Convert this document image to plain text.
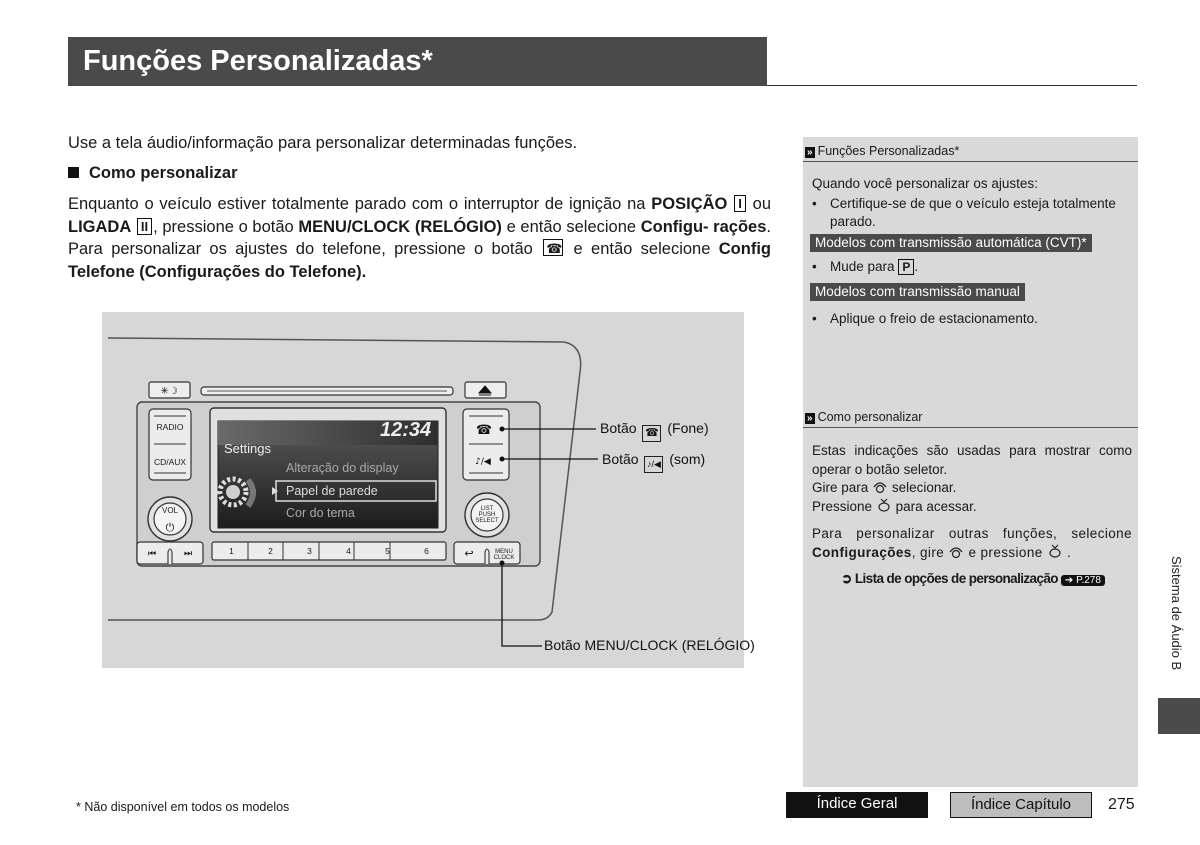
Funções Personalizadas*
Use a tela áudio/informação para personalizar determinadas funções.
Como personalizar
Enquanto o veículo estiver totalmente parado com o interruptor de ignição na POSIÇÃO I ou LIGADA II , pressione o botão MENU/CLOCK (RELÓGIO) e então selecione Configu- rações. Para personalizar os ajustes do telefone, pressione o botão ☎ e então selecione Config Telefone (Configurações do Telefone).
✳☽
⏻
⏮	⏭
☎
♪/◀
↩
RADIO
CD/AUX
VOL
12:34
Settings
Alteração do display
Papel de parede
Cor do tema
1	2	3	4	5	6
LIST
PUSH
SELECT
MENU
CLOCK
Botão ☎ (Fone)
Botão ♪/◀ (som)
Botão MENU/CLOCK (RELÓGIO)
» Funções Personalizadas*
Quando você personalizar os ajustes:
• Certifique-se de que o veículo esteja totalmente parado.
Modelos com transmissão automática (CVT)*
• Mude para P .
Modelos com transmissão manual
• Aplique o freio de estacionamento.
» Como personalizar
Estas indicações são usadas para mostrar como operar o botão seletor.
Gire para selecionar.
Pressione para acessar.
Para personalizar outras funções, selecione Configurações, gire e pressione .
➲ Lista de opções de personalização ➔ P.278	Sistema de Áudio B
* Não disponível em todos os modelos	Índice Geral	Índice Capítulo	275
